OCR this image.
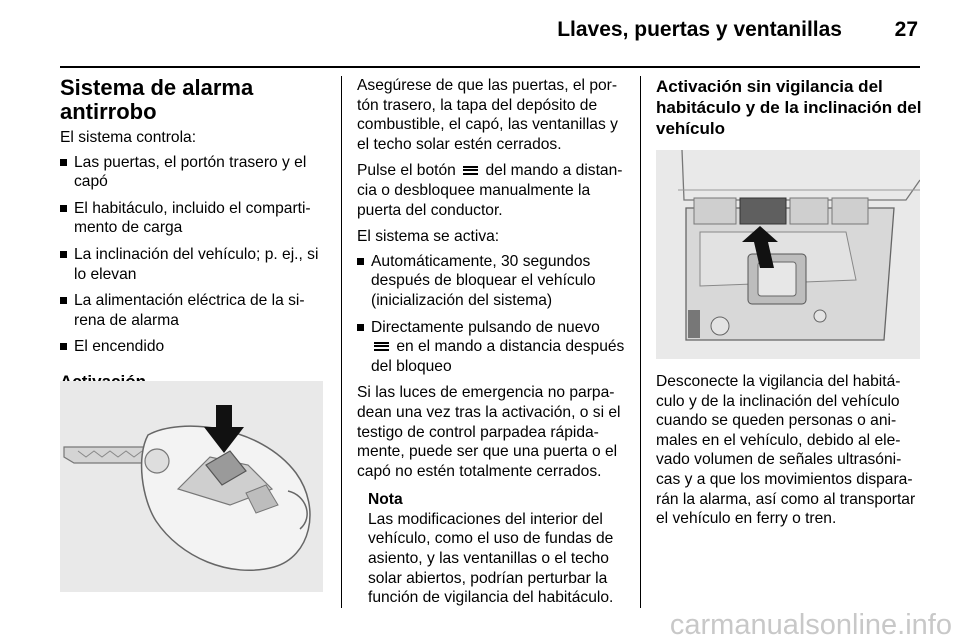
Llaves, puertas y ventanillas	27
Sistema de alarma antirrobo

El sistema controla:

Las puertas, el portón trasero y el capó
El habitáculo, incluido el comparti-mento de carga
La inclinación del vehículo; p. ej., si lo elevan
La alimentación eléctrica de la si-rena de alarma
El encendido

Asegúrese de que las puertas, el por-tón trasero, la tapa del depósito de combustible, el capó, las ventanillas y el techo solar estén cerrados.

Pulse el botón  del mando a distan-cia o desbloquee manualmente la puerta del conductor.

El sistema se activa:

Automáticamente, 30 segundos después de bloquear el vehículo (inicialización del sistema)
Directamente pulsando de nuevo  en el mando a distancia después del bloqueo

Si las luces de emergencia no parpa-dean una vez tras la activación, o si el testigo de control parpadea rápida-mente, puede ser que una puerta o el capó no estén totalmente cerrados.

Nota
Las modificaciones del interior del vehículo, como el uso de fundas de asiento, y las ventanillas o el techo solar abiertos, podrían perturbar la función de vigilancia del habitáculo.
Activación sin vigilancia del habitáculo y de la inclinación del vehículo

Desconecte la vigilancia del habitá-culo y de la inclinación del vehículo cuando se queden personas o ani-males en el vehículo, debido al ele-vado volumen de señales ultrasóni-cas y a que los movimientos dispara-rán la alarma, así como al transportar el vehículo en ferry o tren.

carmanualsonline.info
